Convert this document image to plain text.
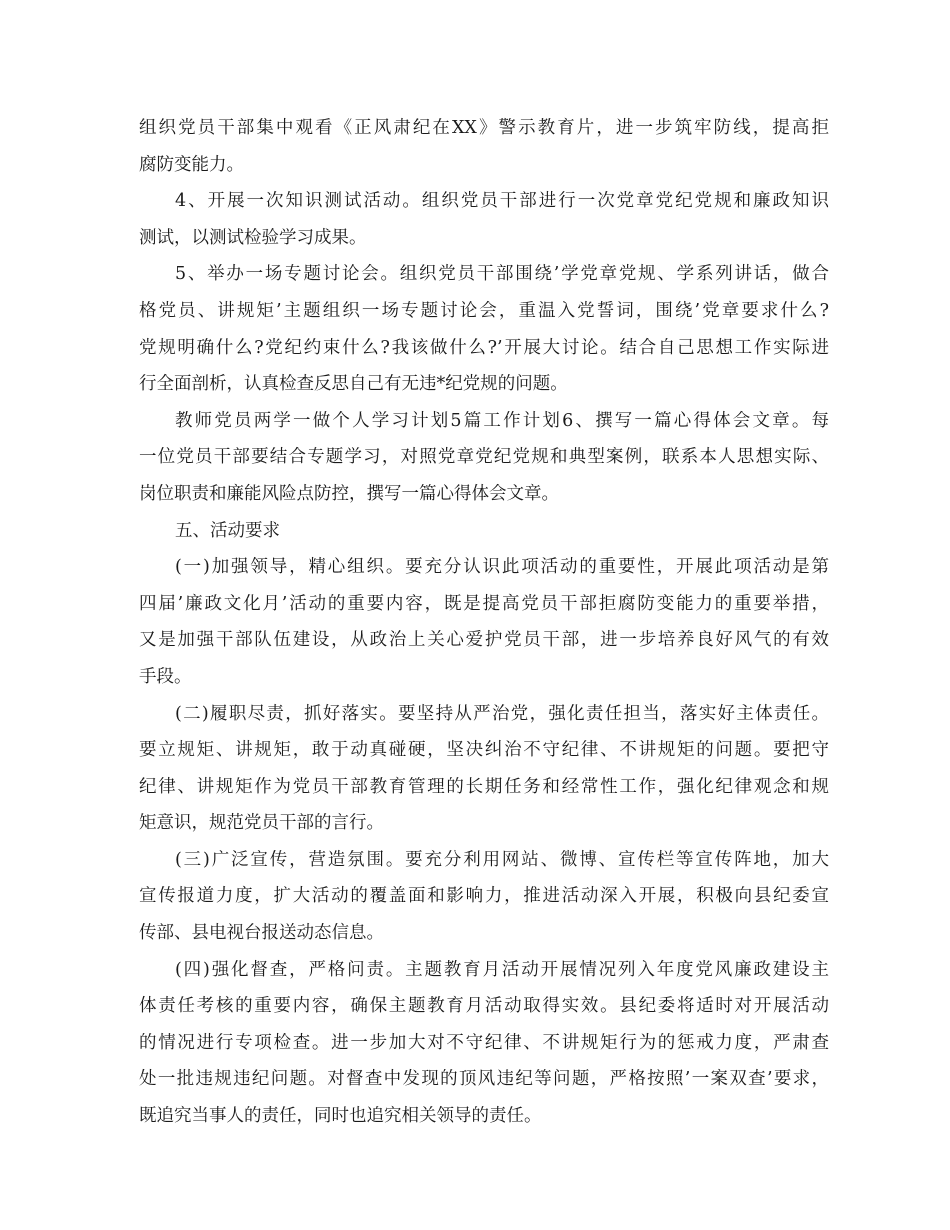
组织党员干部集中观看《正风肃纪在XX》警示教育片，进一步筑牢防线，提高拒
腐防变能力。
4、开展一次知识测试活动。组织党员干部进行一次党章党纪党规和廉政知识
测试，以测试检验学习成果。
5、举办一场专题讨论会。组织党员干部围绕’学党章党规、学系列讲话，做合
格党员、讲规矩’主题组织一场专题讨论会，重温入党誓词，围绕’党章要求什么?
党规明确什么?党纪约束什么?我该做什么?’开展大讨论。结合自己思想工作实际进
行全面剖析，认真检查反思自己有无违*纪党规的问题。
教师党员两学一做个人学习计划5篇工作计划6、撰写一篇心得体会文章。每
一位党员干部要结合专题学习，对照党章党纪党规和典型案例，联系本人思想实际、
岗位职责和廉能风险点防控，撰写一篇心得体会文章。
五、活动要求
(一)加强领导，精心组织。要充分认识此项活动的重要性，开展此项活动是第
四届’廉政文化月’活动的重要内容，既是提高党员干部拒腐防变能力的重要举措，
又是加强干部队伍建设，从政治上关心爱护党员干部，进一步培养良好风气的有效
手段。
(二)履职尽责，抓好落实。要坚持从严治党，强化责任担当，落实好主体责任。
要立规矩、讲规矩，敢于动真碰硬，坚决纠治不守纪律、不讲规矩的问题。要把守
纪律、讲规矩作为党员干部教育管理的长期任务和经常性工作，强化纪律观念和规
矩意识，规范党员干部的言行。
(三)广泛宣传，营造氛围。要充分利用网站、微博、宣传栏等宣传阵地，加大
宣传报道力度，扩大活动的覆盖面和影响力，推进活动深入开展，积极向县纪委宣
传部、县电视台报送动态信息。
(四)强化督查，严格问责。主题教育月活动开展情况列入年度党风廉政建设主
体责任考核的重要内容，确保主题教育月活动取得实效。县纪委将适时对开展活动
的情况进行专项检查。进一步加大对不守纪律、不讲规矩行为的惩戒力度，严肃查
处一批违规违纪问题。对督查中发现的顶风违纪等问题，严格按照’一案双查’要求，
既追究当事人的责任，同时也追究相关领导的责任。
